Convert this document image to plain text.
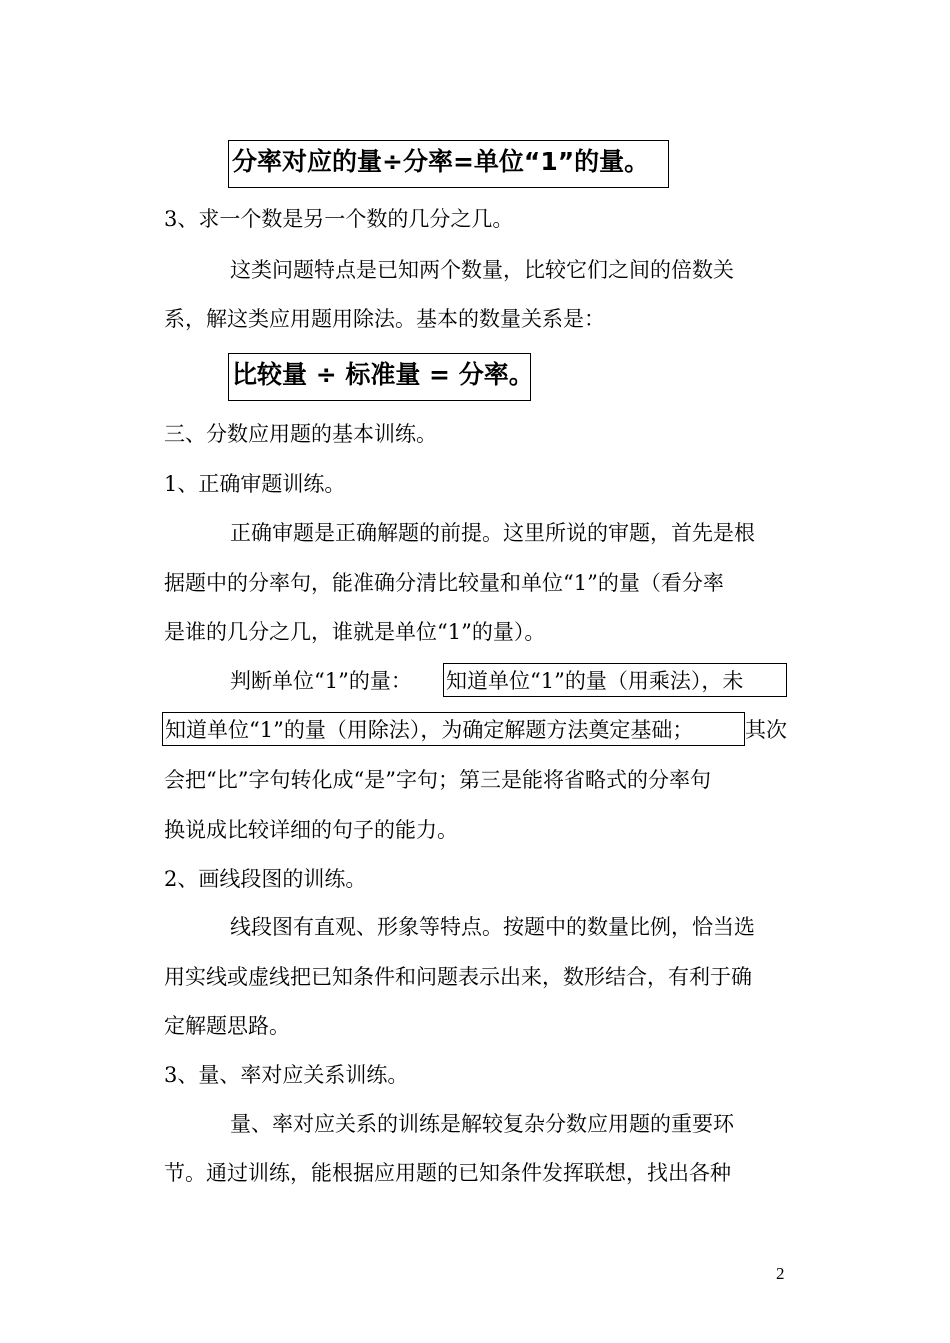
分率对应的量÷分率=单位“1”的量。
3、求一个数是另一个数的几分之几。
这类问题特点是已知两个数量，比较它们之间的倍数关
系，解这类应用题用除法。基本的数量关系是：
比较量 ÷ 标准量 = 分率。
三、分数应用题的基本训练。
1、正确审题训练。
正确审题是正确解题的前提。这里所说的审题，首先是根
据题中的分率句，能准确分清比较量和单位“1”的量（看分率
是谁的几分之几，谁就是单位“1”的量）。
判断单位“1”的量： 知道单位“1”的量（用乘法），未
知道单位“1”的量（用除法），为确定解题方法奠定基础； 其次
会把“比”字句转化成“是”字句；第三是能将省略式的分率句
换说成比较详细的句子的能力。
2、画线段图的训练。
线段图有直观、形象等特点。按题中的数量比例，恰当选
用实线或虚线把已知条件和问题表示出来，数形结合，有利于确
定解题思路。
3、量、率对应关系训练。
量、率对应关系的训练是解较复杂分数应用题的重要环
节。通过训练，能根据应用题的已知条件发挥联想，找出各种
2
